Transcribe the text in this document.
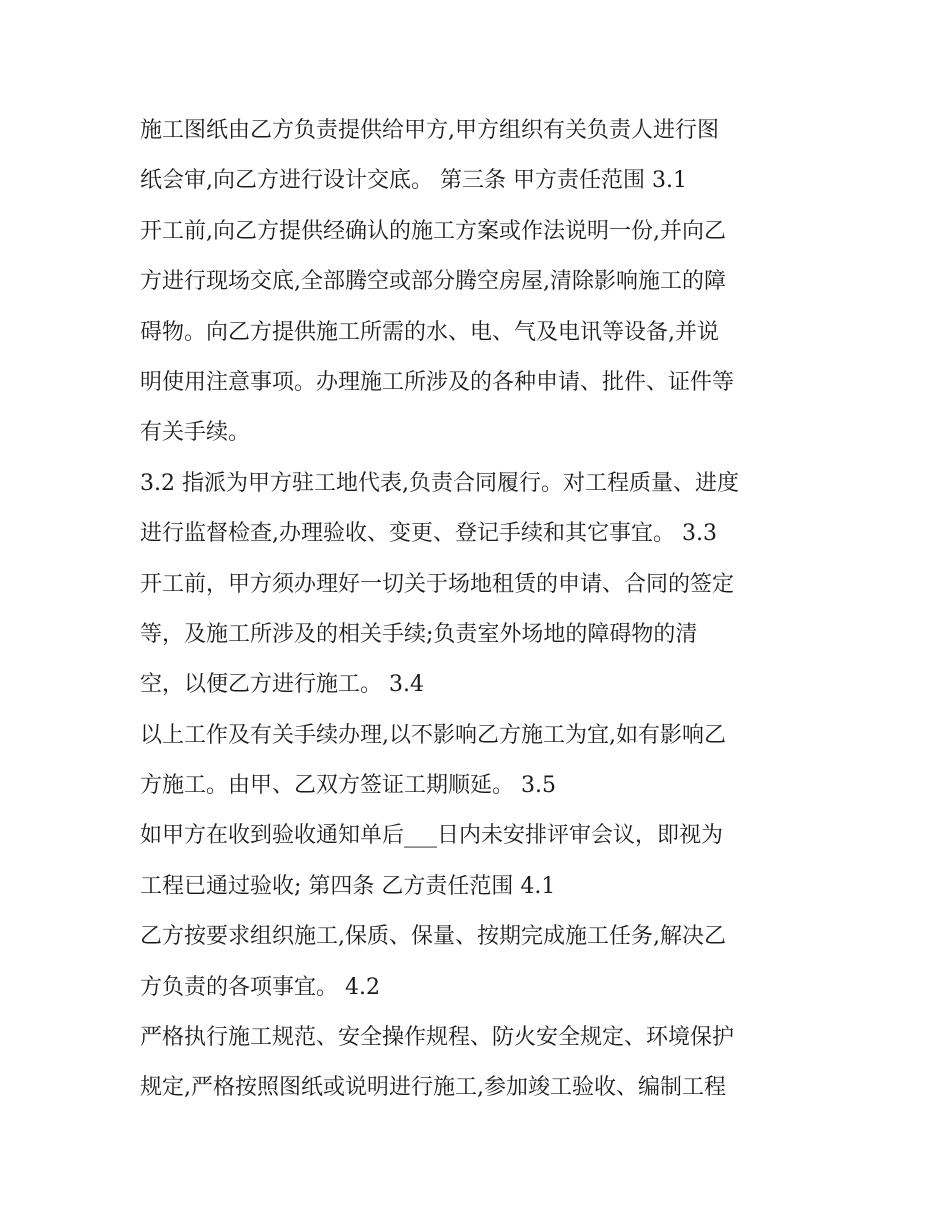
施工图纸由乙方负责提供给甲方,甲方组织有关负责人进行图
纸会审,向乙方进行设计交底。 第三条 甲方责任范围 3.1
开工前,向乙方提供经确认的施工方案或作法说明一份,并向乙
方进行现场交底,全部腾空或部分腾空房屋,清除影响施工的障
碍物。向乙方提供施工所需的水、电、气及电讯等设备,并说
明使用注意事项。办理施工所涉及的各种申请、批件、证件等
有关手续。
3.2 指派为甲方驻工地代表,负责合同履行。对工程质量、进度
进行监督检查,办理验收、变更、登记手续和其它事宜。 3.3
开工前，甲方须办理好一切关于场地租赁的申请、合同的签定
等，及施工所涉及的相关手续;负责室外场地的障碍物的清
空，以便乙方进行施工。 3.4
以上工作及有关手续办理,以不影响乙方施工为宜,如有影响乙
方施工。由甲、乙双方签证工期顺延。 3.5
如甲方在收到验收通知单后___日内未安排评审会议，即视为
工程已通过验收; 第四条 乙方责任范围 4.1
乙方按要求组织施工,保质、保量、按期完成施工任务,解决乙
方负责的各项事宜。 4.2
严格执行施工规范、安全操作规程、防火安全规定、环境保护
规定,严格按照图纸或说明进行施工,参加竣工验收、编制工程
